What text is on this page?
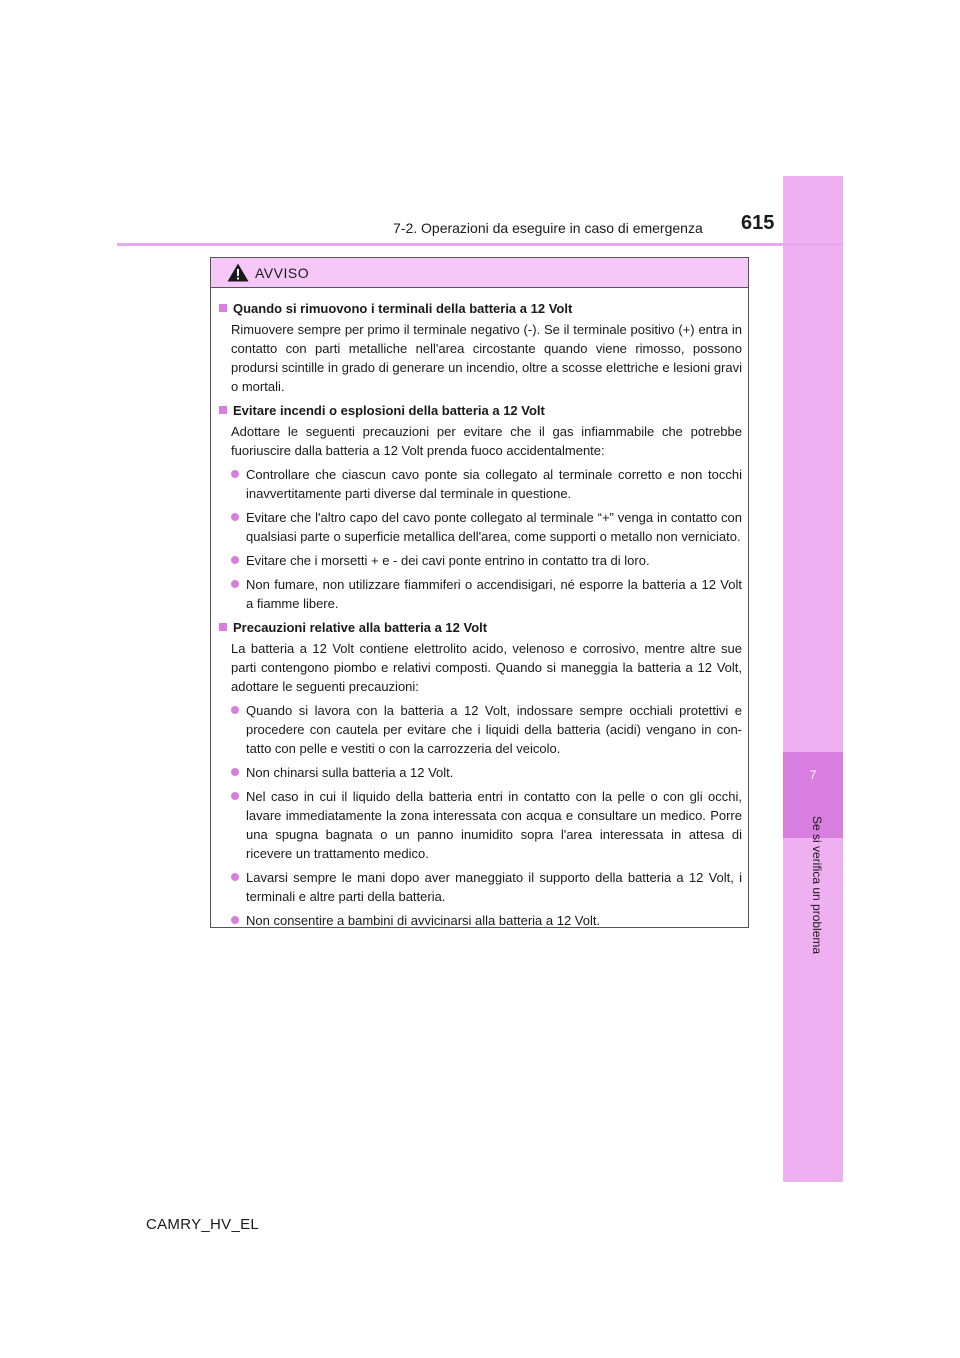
7
Se si verifica un problema
7-2. Operazioni da eseguire in caso di emergenza 615
AVVISO
Quando si rimuovono i terminali della batteria a 12 Volt
Rimuovere sempre per primo il terminale negativo (-). Se il terminale positivo (+) entra in contatto con parti metalliche nell'area circostante quando viene rimosso, possono prodursi scintille in grado di generare un incendio, oltre a scosse elettriche e lesioni gravi o mortali.
Evitare incendi o esplosioni della batteria a 12 Volt
Adottare le seguenti precauzioni per evitare che il gas infiammabile che potrebbe fuoriuscire dalla batteria a 12 Volt prenda fuoco accidentalmente:
Controllare che ciascun cavo ponte sia collegato al terminale corretto e non tocchi inavvertitamente parti diverse dal terminale in questione.
Evitare che l'altro capo del cavo ponte collegato al terminale “+” venga in contatto con qualsiasi parte o superficie metallica dell'area, come supporti o metallo non verniciato.
Evitare che i morsetti + e - dei cavi ponte entrino in contatto tra di loro.
Non fumare, non utilizzare fiammiferi o accendisigari, né esporre la batteria a 12 Volt a fiamme libere.
Precauzioni relative alla batteria a 12 Volt
La batteria a 12 Volt contiene elettrolito acido, velenoso e corrosivo, mentre altre sue parti contengono piombo e relativi composti. Quando si maneggia la batteria a 12 Volt, adottare le seguenti precauzioni:
Quando si lavora con la batteria a 12 Volt, indossare sempre occhiali protettivi e procedere con cautela per evitare che i liquidi della batteria (acidi) vengano in con-tatto con pelle e vestiti o con la carrozzeria del veicolo.
Non chinarsi sulla batteria a 12 Volt.
Nel caso in cui il liquido della batteria entri in contatto con la pelle o con gli occhi, lavare immediatamente la zona interessata con acqua e consultare un medico. Porre una spugna bagnata o un panno inumidito sopra l'area interessata in attesa di ricevere un trattamento medico.
Lavarsi sempre le mani dopo aver maneggiato il supporto della batteria a 12 Volt, i terminali e altre parti della batteria.
Non consentire a bambini di avvicinarsi alla batteria a 12 Volt.
CAMRY_HV_EL
